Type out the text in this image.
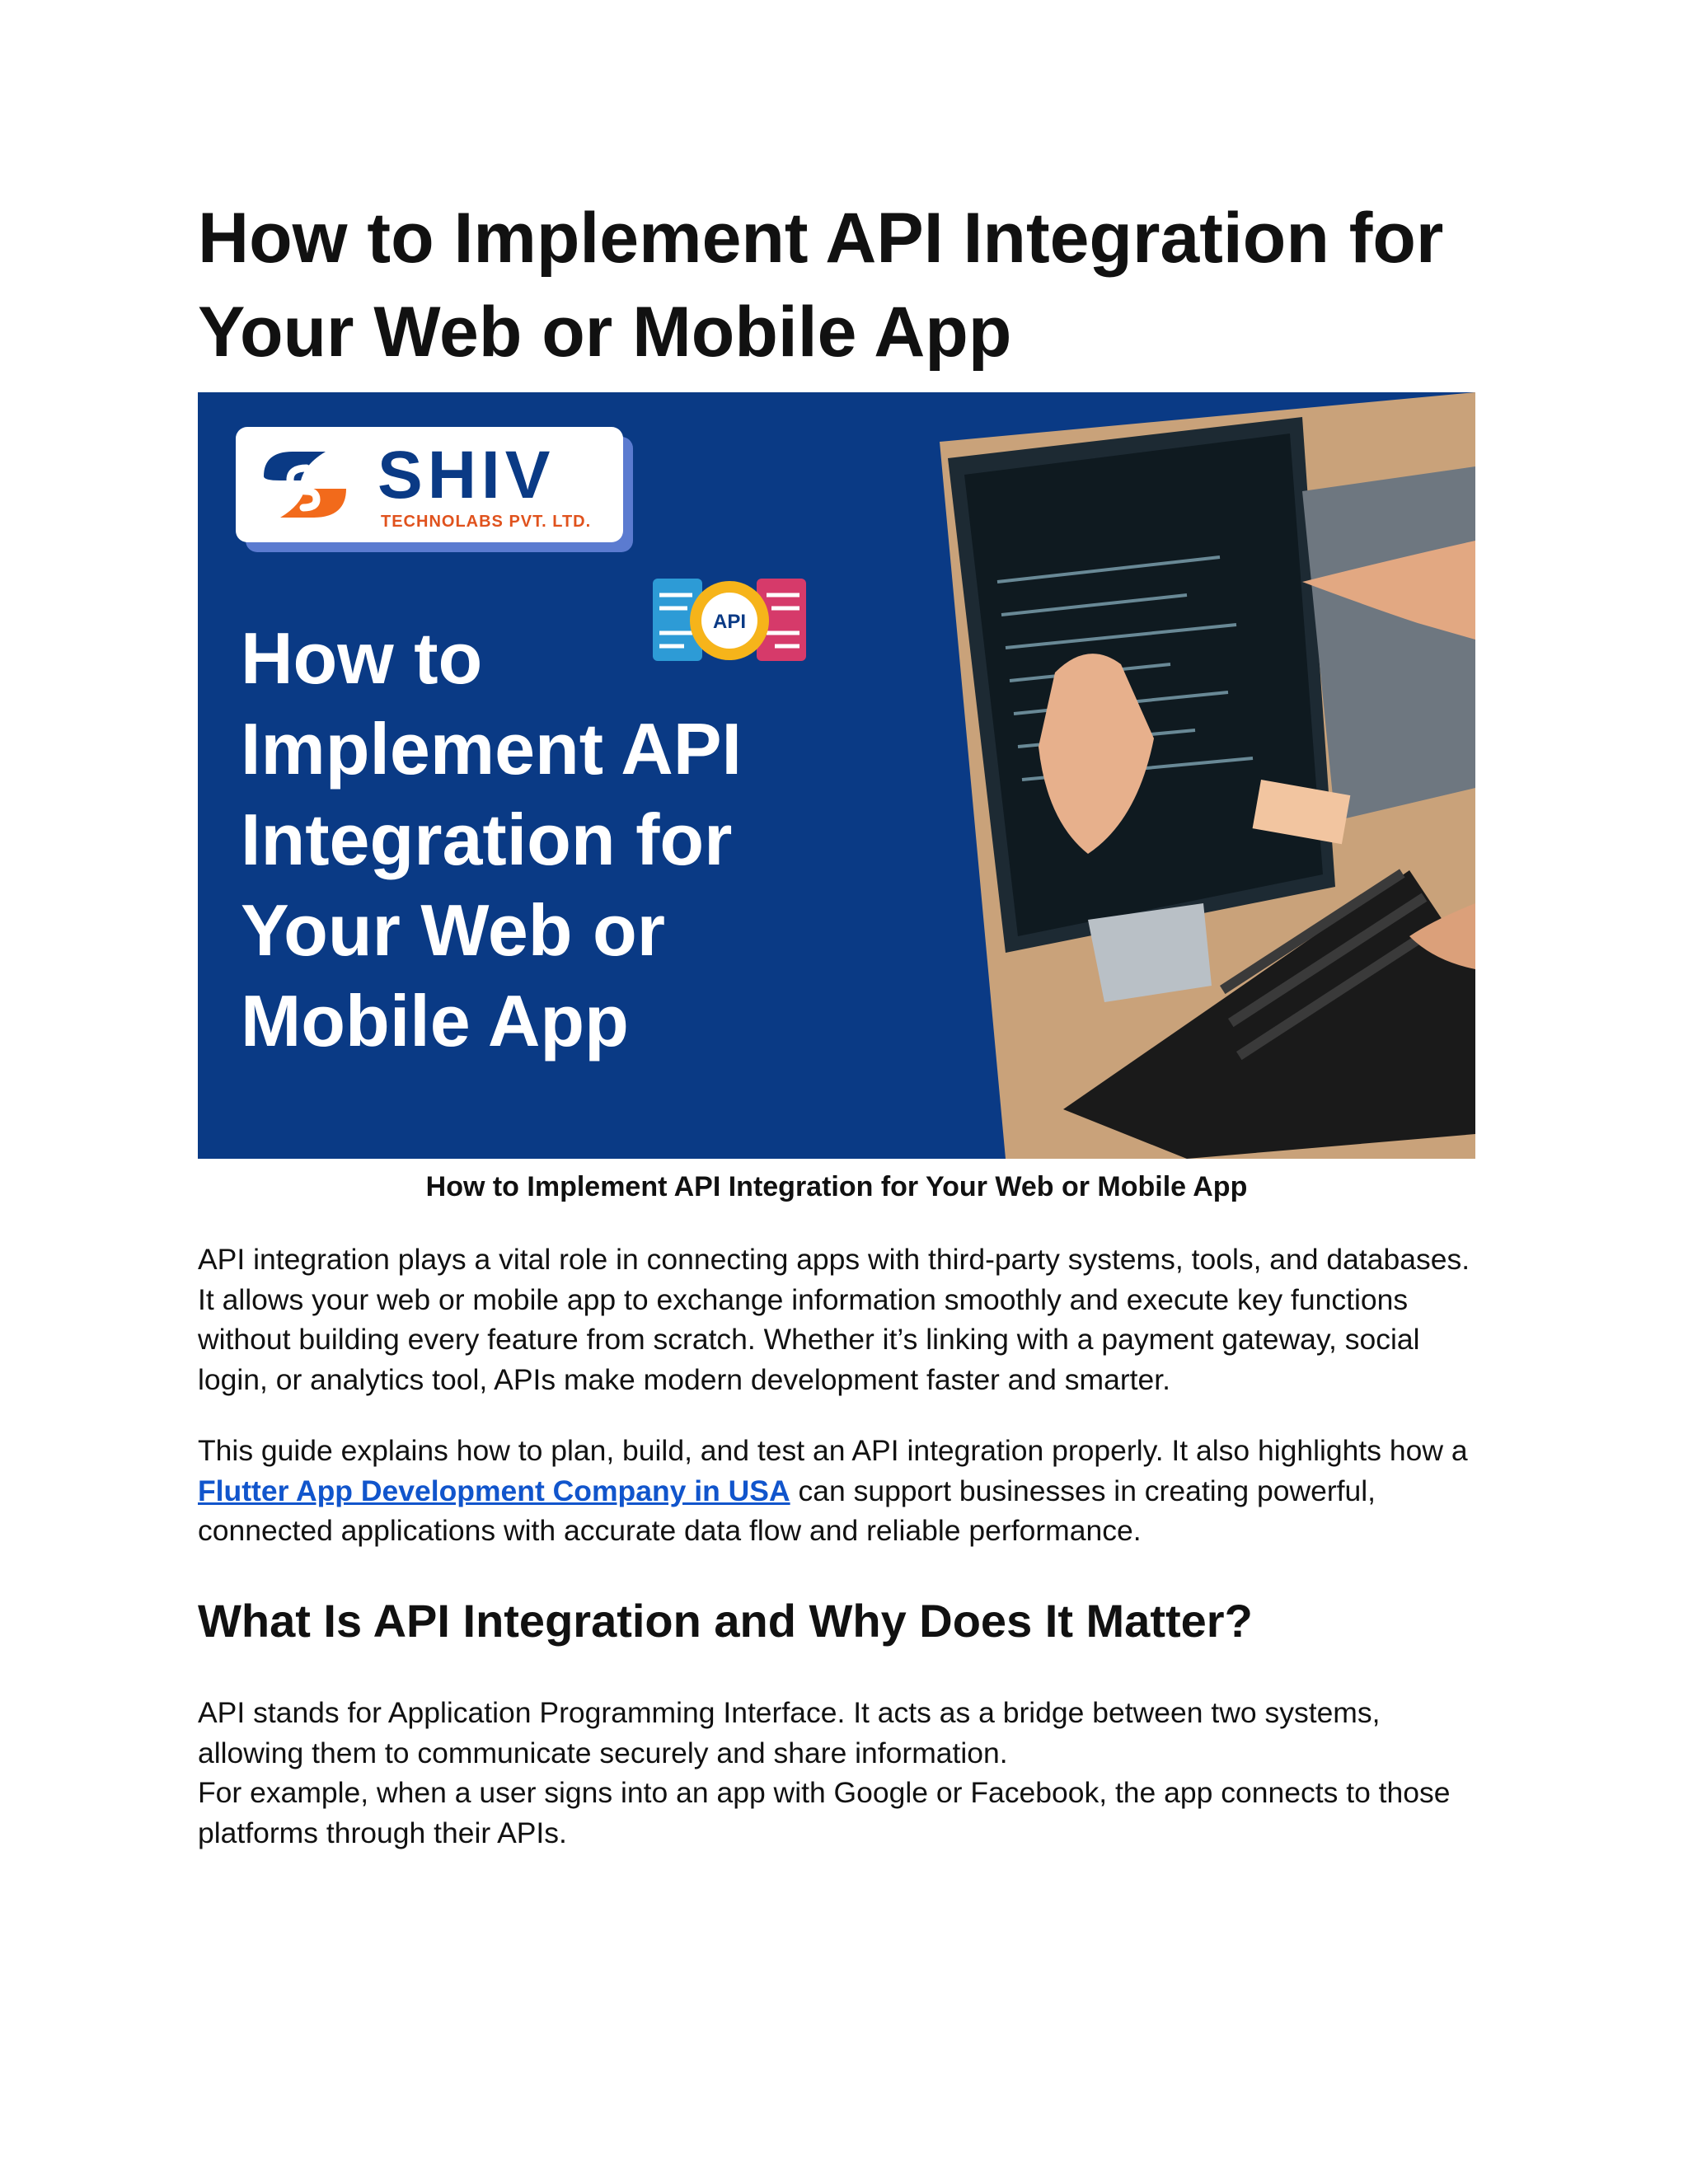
How to Implement API Integration for Your Web or Mobile App
SHIV
TECHNOLABS PVT. LTD.
API
How to Implement API Integration for Your Web or Mobile App
How to Implement API Integration for Your Web or Mobile App

API integration plays a vital role in connecting apps with third-party systems, tools, and databases. It allows your web or mobile app to exchange information smoothly and execute key functions without building every feature from scratch. Whether it’s linking with a payment gateway, social login, or analytics tool, APIs make modern development faster and smarter.

This guide explains how to plan, build, and test an API integration properly. It also highlights how a Flutter App Development Company in USA can support businesses in creating powerful, connected applications with accurate data flow and reliable performance.

What Is API Integration and Why Does It Matter?
API stands for Application Programming Interface. It acts as a bridge between two systems, allowing them to communicate securely and share information.
For example, when a user signs into an app with Google or Facebook, the app connects to those platforms through their APIs.
